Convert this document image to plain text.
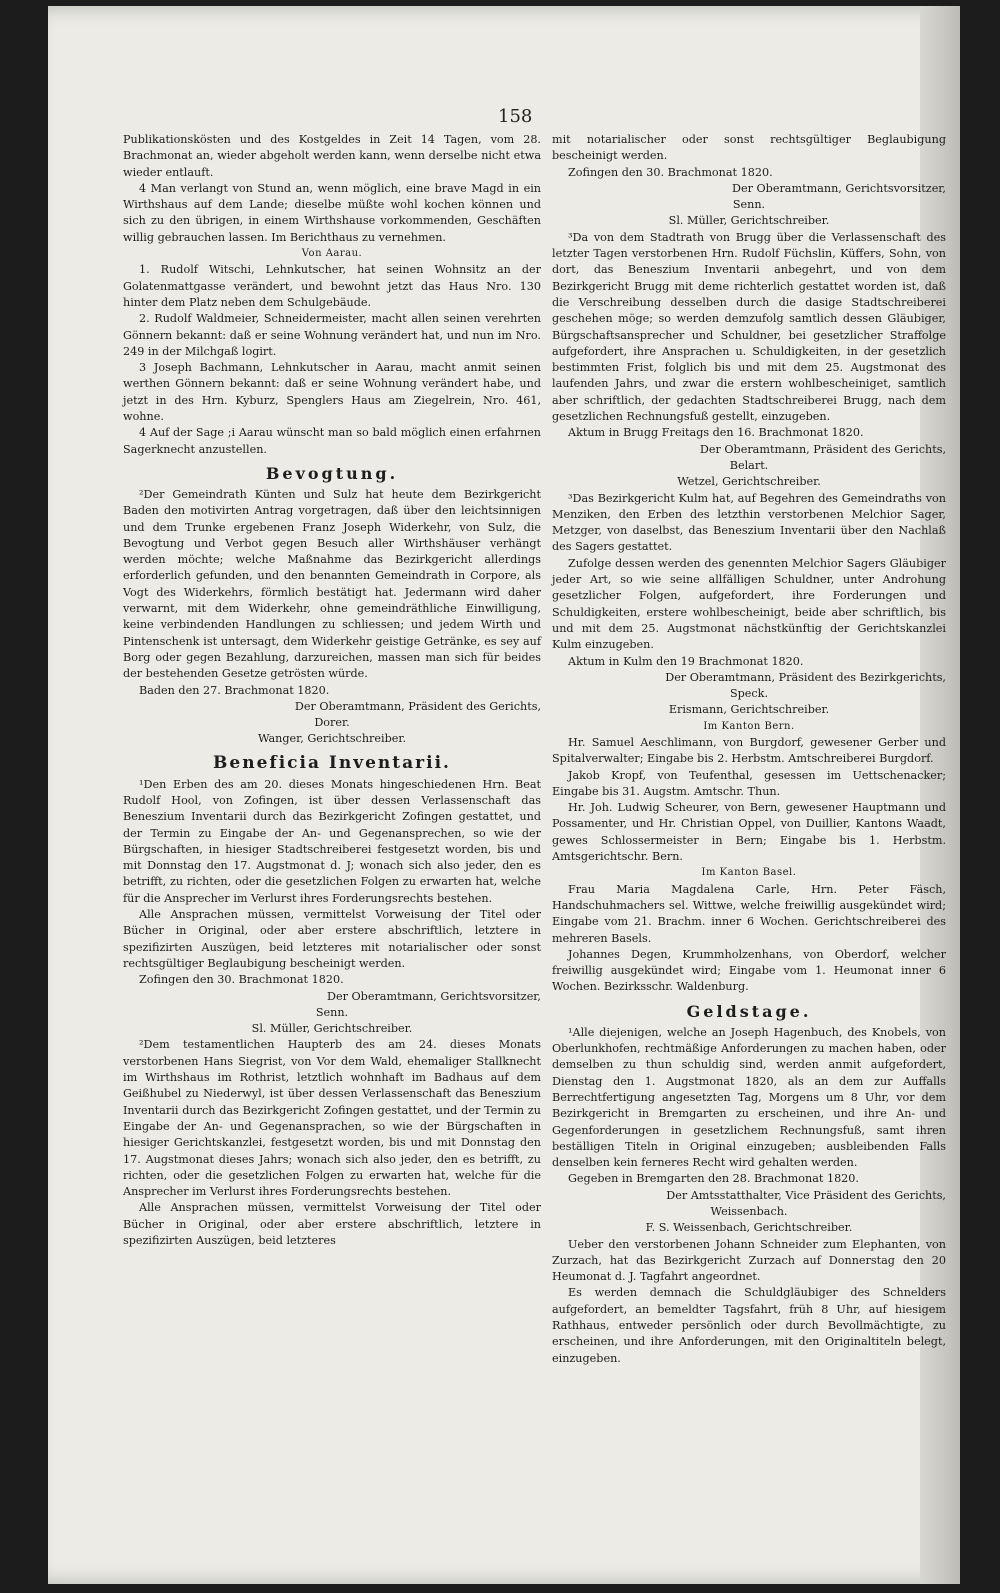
158

Publikationskösten und des Kostgeldes in Zeit 14 Tagen, vom 28. Brachmonat an, wieder abgeholt werden kann, wenn derselbe nicht etwa wieder entlauft.

4 Man verlangt von Stund an, wenn möglich, eine brave Magd in ein Wirthshaus auf dem Lande; dieselbe müßte wohl kochen können und sich zu den übrigen, in einem Wirthshause vorkommenden, Geschäften willig gebrauchen lassen. Im Berichthaus zu vernehmen.

Von Aarau.

1. Rudolf Witschi, Lehnkutscher, hat seinen Wohnsitz an der Golatenmattgasse verändert, und bewohnt jetzt das Haus Nro. 130 hinter dem Platz neben dem Schulgebäude.

2. Rudolf Waldmeier, Schneidermeister, macht allen seinen verehrten Gönnern bekannt: daß er seine Wohnung verändert hat, und nun im Nro. 249 in der Milchgaß logirt.

3 Joseph Bachmann, Lehnkutscher in Aarau, macht anmit seinen werthen Gönnern bekannt: daß er seine Wohnung verändert habe, und jetzt in des Hrn. Kyburz, Spenglers Haus am Ziegelrein, Nro. 461, wohne.

4 Auf der Sage ;i Aarau wünscht man so bald möglich einen erfahrnen Sagerknecht anzustellen.

Bevogtung.

²Der Gemeindrath Künten und Sulz hat heute dem Bezirkgericht Baden den motivirten Antrag vorgetragen, daß über den leichtsinnigen und dem Trunke ergebenen Franz Joseph Widerkehr, von Sulz, die Bevogtung und Verbot gegen Besuch aller Wirthshäuser verhängt werden möchte; welche Maßnahme das Bezirkgericht allerdings erforderlich gefunden, und den benannten Gemeindrath in Corpore, als Vogt des Widerkehrs, förmlich bestätigt hat. Jedermann wird daher verwarnt, mit dem Widerkehr, ohne gemeindräthliche Einwilligung, keine verbindenden Handlungen zu schliessen; und jedem Wirth und Pintenschenk ist untersagt, dem Widerkehr geistige Getränke, es sey auf Borg oder gegen Bezahlung, darzureichen, massen man sich für beides der bestehenden Gesetze getrösten würde.

Baden den 27. Brachmonat 1820.

Der Oberamtmann, Präsident des Gerichts,

Dorer.

Wanger, Gerichtschreiber.

Beneficia Inventarii.

¹Den Erben des am 20. dieses Monats hingeschiedenen Hrn. Beat Rudolf Hool, von Zofingen, ist über dessen Verlassenschaft das Beneszium Inventarii durch das Bezirkgericht Zofingen gestattet, und der Termin zu Eingabe der An- und Gegenansprechen, so wie der Bürgschaften, in hiesiger Stadtschreiberei festgesetzt worden, bis und mit Donnstag den 17. Augstmonat d. J; wonach sich also jeder, den es betrifft, zu richten, oder die gesetzlichen Folgen zu erwarten hat, welche für die Ansprecher im Verlurst ihres Forderungsrechts bestehen.

Alle Ansprachen müssen, vermittelst Vorweisung der Titel oder Bücher in Original, oder aber erstere abschriftlich, letztere in spezifizirten Auszügen, beid letzteres mit notarialischer oder sonst rechtsgültiger Beglaubigung bescheinigt werden.

Zofingen den 30. Brachmonat 1820.

Der Oberamtmann, Gerichtsvorsitzer,

Senn.

Sl. Müller, Gerichtschreiber.

²Dem testamentlichen Haupterb des am 24. dieses Monats verstorbenen Hans Siegrist, von Vor dem Wald, ehemaliger Stallknecht im Wirthshaus im Rothrist, letztlich wohnhaft im Badhaus auf dem Geißhubel zu Niederwyl, ist über dessen Verlassenschaft das Beneszium Inventarii durch das Bezirkgericht Zofingen gestattet, und der Termin zu Eingabe der An- und Gegenansprachen, so wie der Bürgschaften in hiesiger Gerichtskanzlei, festgesetzt worden, bis und mit Donnstag den 17. Augstmonat dieses Jahrs; wonach sich also jeder, den es betrifft, zu richten, oder die gesetzlichen Folgen zu erwarten hat, welche für die Ansprecher im Verlurst ihres Forderungsrechts bestehen.

Alle Ansprachen müssen, vermittelst Vorweisung der Titel oder Bücher in Original, oder aber erstere abschriftlich, letztere in spezifizirten Auszügen, beid letzteres

mit notarialischer oder sonst rechtsgültiger Beglaubigung bescheinigt werden.

Zofingen den 30. Brachmonat 1820.

Der Oberamtmann, Gerichtsvorsitzer,

Senn.

Sl. Müller, Gerichtschreiber.

³Da von dem Stadtrath von Brugg über die Verlassenschaft des letzter Tagen verstorbenen Hrn. Rudolf Füchslin, Küffers, Sohn, von dort, das Beneszium Inventarii anbegehrt, und von dem Bezirkgericht Brugg mit deme richterlich gestattet worden ist, daß die Verschreibung desselben durch die dasige Stadtschreiberei geschehen möge; so werden demzufolg samtlich dessen Gläubiger, Bürgschaftsansprecher und Schuldner, bei gesetzlicher Straffolge aufgefordert, ihre Ansprachen u. Schuldigkeiten, in der gesetzlich bestimmten Frist, folglich bis und mit dem 25. Augstmonat des laufenden Jahrs, und zwar die erstern wohlbescheiniget, samtlich aber schriftlich, der gedachten Stadtschreiberei Brugg, nach dem gesetzlichen Rechnungsfuß gestellt, einzugeben.

Aktum in Brugg Freitags den 16. Brachmonat 1820.

Der Oberamtmann, Präsident des Gerichts,

Belart.

Wetzel, Gerichtschreiber.

³Das Bezirkgericht Kulm hat, auf Begehren des Gemeindraths von Menziken, den Erben des letzthin verstorbenen Melchior Sager, Metzger, von daselbst, das Beneszium Inventarii über den Nachlaß des Sagers gestattet.

Zufolge dessen werden des genennten Melchior Sagers Gläubiger jeder Art, so wie seine allfälligen Schuldner, unter Androhung gesetzlicher Folgen, aufgefordert, ihre Forderungen und Schuldigkeiten, erstere wohlbescheinigt, beide aber schriftlich, bis und mit dem 25. Augstmonat nächstkünftig der Gerichtskanzlei Kulm einzugeben.

Aktum in Kulm den 19 Brachmonat 1820.

Der Oberamtmann, Präsident des Bezirkgerichts,

Speck.

Erismann, Gerichtschreiber.

Im Kanton Bern.

Hr. Samuel Aeschlimann, von Burgdorf, gewesener Gerber und Spitalverwalter; Eingabe bis 2. Herbstm. Amtschreiberei Burgdorf.

Jakob Kropf, von Teufenthal, gesessen im Uettschenacker; Eingabe bis 31. Augstm. Amtschr. Thun.

Hr. Joh. Ludwig Scheurer, von Bern, gewesener Hauptmann und Possamenter, und Hr. Christian Oppel, von Duillier, Kantons Waadt, gewes Schlossermeister in Bern; Eingabe bis 1. Herbstm. Amtsgerichtschr. Bern.

Im Kanton Basel.

Frau Maria Magdalena Carle, Hrn. Peter Fäsch, Handschuhmachers sel. Wittwe, welche freiwillig ausgekündet wird; Eingabe vom 21. Brachm. inner 6 Wochen. Gerichtschreiberei des mehreren Basels.

Johannes Degen, Krummholzenhans, von Oberdorf, welcher freiwillig ausgekündet wird; Eingabe vom 1. Heumonat inner 6 Wochen. Bezirksschr. Waldenburg.

Geldstage.

¹Alle diejenigen, welche an Joseph Hagenbuch, des Knobels, von Oberlunkhofen, rechtmäßige Anforderungen zu machen haben, oder demselben zu thun schuldig sind, werden anmit aufgefordert, Dienstag den 1. Augstmonat 1820, als an dem zur Auffalls Berrechtfertigung angesetzten Tag, Morgens um 8 Uhr, vor dem Bezirkgericht in Bremgarten zu erscheinen, und ihre An- und Gegenforderungen in gesetzlichem Rechnungsfuß, samt ihren beställigen Titeln in Original einzugeben; ausbleibenden Falls denselben kein ferneres Recht wird gehalten werden.

Gegeben in Bremgarten den 28. Brachmonat 1820.

Der Amtsstatthalter, Vice Präsident des Gerichts,

Weissenbach.

F. S. Weissenbach, Gerichtschreiber.

Ueber den verstorbenen Johann Schneider zum Elephanten, von Zurzach, hat das Bezirkgericht Zurzach auf Donnerstag den 20 Heumonat d. J. Tagfahrt angeordnet.

Es werden demnach die Schuldgläubiger des Schnelders aufgefordert, an bemeldter Tagsfahrt, früh 8 Uhr, auf hiesigem Rathhaus, entweder persönlich oder durch Bevollmächtigte, zu erscheinen, und ihre Anforderungen, mit den Originaltiteln belegt, einzugeben.
